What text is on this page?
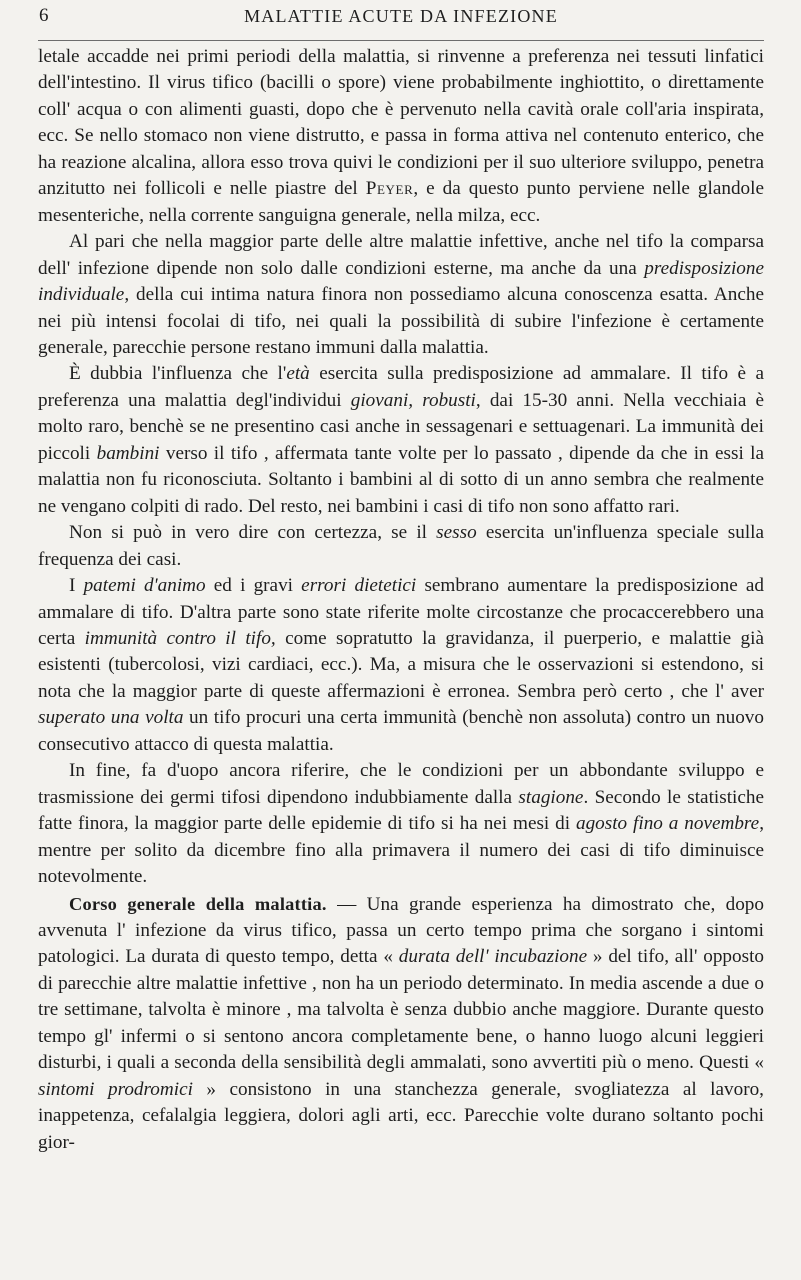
6	MALATTIE ACUTE DA INFEZIONE

letale accadde nei primi periodi della malattia, si rinvenne a preferenza nei tessuti linfatici dell'intestino. Il virus tifico (bacilli o spore) viene probabilmente inghiottito, o direttamente coll' acqua o con alimenti guasti, dopo che è pervenuto nella cavità orale coll'aria inspirata, ecc. Se nello stomaco non viene distrutto, e passa in forma attiva nel contenuto enterico, che ha reazione alcalina, allora esso trova quivi le condizioni per il suo ulteriore sviluppo, penetra anzitutto nei follicoli e nelle piastre del Peyer, e da questo punto perviene nelle glandole mesenteriche, nella corrente sanguigna generale, nella milza, ecc.

Al pari che nella maggior parte delle altre malattie infettive, anche nel tifo la comparsa dell' infezione dipende non solo dalle condizioni esterne, ma anche da una predisposizione individuale, della cui intima natura finora non possediamo alcuna conoscenza esatta. Anche nei più intensi focolai di tifo, nei quali la possibilità di subire l'infezione è certamente generale, parecchie persone restano immuni dalla malattia.

È dubbia l'influenza che l'età esercita sulla predisposizione ad ammalare. Il tifo è a preferenza una malattia degl'individui giovani, robusti, dai 15-30 anni. Nella vecchiaia è molto raro, benchè se ne presentino casi anche in sessagenari e settuagenari. La immunità dei piccoli bambini verso il tifo , affermata tante volte per lo passato , dipende da che in essi la malattia non fu riconosciuta. Soltanto i bambini al di sotto di un anno sembra che realmente ne vengano colpiti di rado. Del resto, nei bambini i casi di tifo non sono affatto rari.

Non si può in vero dire con certezza, se il sesso esercita un'influenza speciale sulla frequenza dei casi.

I patemi d'animo ed i gravi errori dietetici sembrano aumentare la predisposizione ad ammalare di tifo. D'altra parte sono state riferite molte circostanze che procaccerebbero una certa immunità contro il tifo, come sopratutto la gravidanza, il puerperio, e malattie già esistenti (tubercolosi, vizi cardiaci, ecc.). Ma, a misura che le osservazioni si estendono, si nota che la maggior parte di queste affermazioni è erronea. Sembra però certo , che l' aver superato una volta un tifo procuri una certa immunità (benchè non assoluta) contro un nuovo consecutivo attacco di questa malattia.

In fine, fa d'uopo ancora riferire, che le condizioni per un abbondante sviluppo e trasmissione dei germi tifosi dipendono indubbiamente dalla stagione. Secondo le statistiche fatte finora, la maggior parte delle epidemie di tifo si ha nei mesi di agosto fino a novembre, mentre per solito da dicembre fino alla primavera il numero dei casi di tifo diminuisce notevolmente.

Corso generale della malattia. — Una grande esperienza ha dimostrato che, dopo avvenuta l' infezione da virus tifico, passa un certo tempo prima che sorgano i sintomi patologici. La durata di questo tempo, detta « durata dell' incubazione » del tifo, all' opposto di parecchie altre malattie infettive , non ha un periodo determinato. In media ascende a due o tre settimane, talvolta è minore , ma talvolta è senza dubbio anche maggiore. Durante questo tempo gl' infermi o si sentono ancora completamente bene, o hanno luogo alcuni leggieri disturbi, i quali a seconda della sensibilità degli ammalati, sono avvertiti più o meno. Questi « sintomi prodromici » consistono in una stanchezza generale, svogliatezza al lavoro, inappetenza, cefalalgia leggiera, dolori agli arti, ecc. Parecchie volte durano soltanto pochi gior-
